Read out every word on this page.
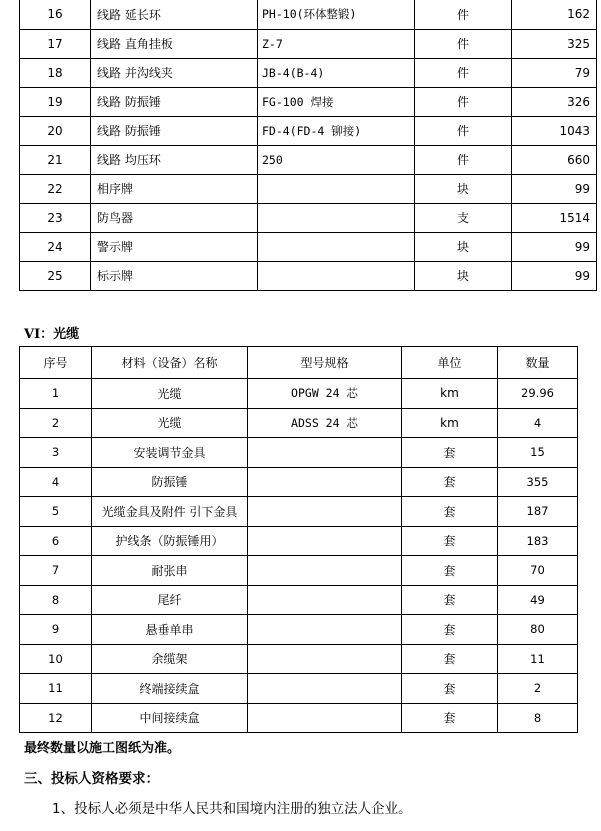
16	线路 延长环	PH-10(环体整锻)	件	162
17	线路 直角挂板	Z-7	件	325
18	线路 并沟线夹	JB-4(B-4)	件	79
19	线路 防振锤	FG-100 焊接	件	326
20	线路 防振锤	FD-4(FD-4 铆接)	件	1043
21	线路 均压环	250	件	660
22	相序牌		块	99
23	防鸟器		支	1514
24	警示牌		块	99
25	标示牌		块	99
VI：光缆
序号	材料（设备）名称	型号规格	单位	数量
1	光缆	OPGW 24 芯	km	29.96
2	光缆	ADSS 24 芯	km	4
3	安装调节金具		套	15
4	防振锤		套	355
5	光缆金具及附件 引下金具		套	187
6	护线条（防振锤用）		套	183
7	耐张串		套	70
8	尾纤		套	49
9	悬垂单串		套	80
10	余缆架		套	11
11	终端接续盒		套	2
12	中间接续盒		套	8
最终数量以施工图纸为准。
三、投标人资格要求：
1、投标人必须是中华人民共和国境内注册的独立法人企业。
